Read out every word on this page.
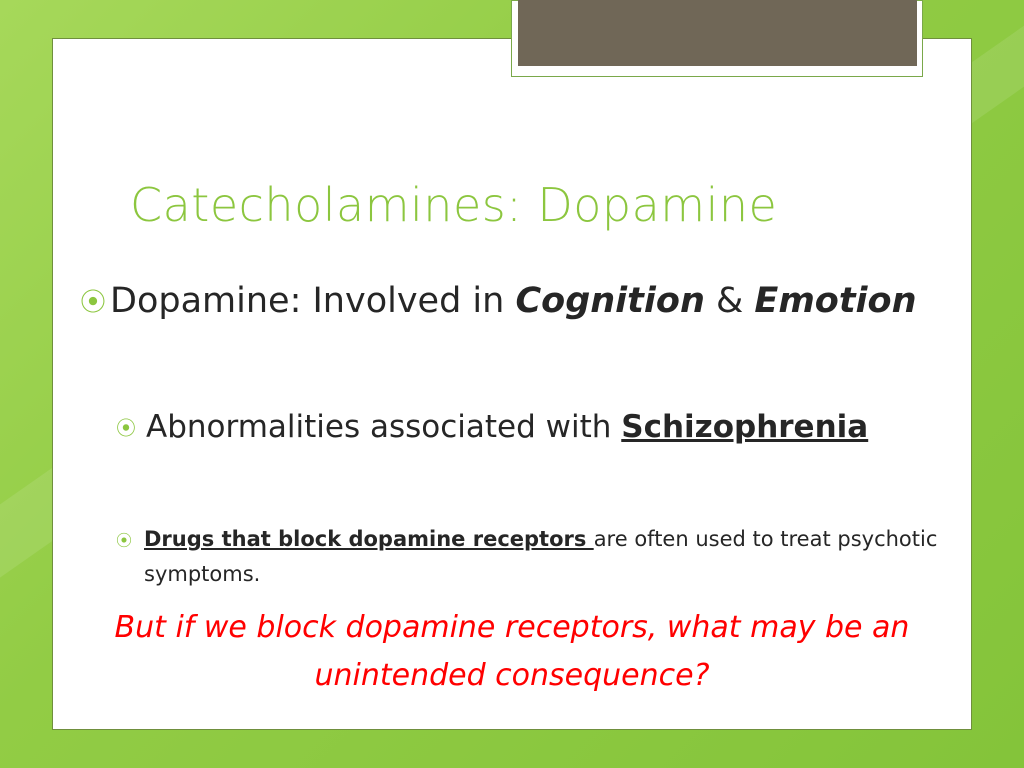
Catecholamines: Dopamine
⦿ Dopamine: Involved in Cognition & Emotion
⦿ Abnormalities associated with Schizophrenia
⦿ Drugs that block dopamine receptors are often used to treat psychotic symptoms.

But if we block dopamine receptors, what may be an unintended consequence?
